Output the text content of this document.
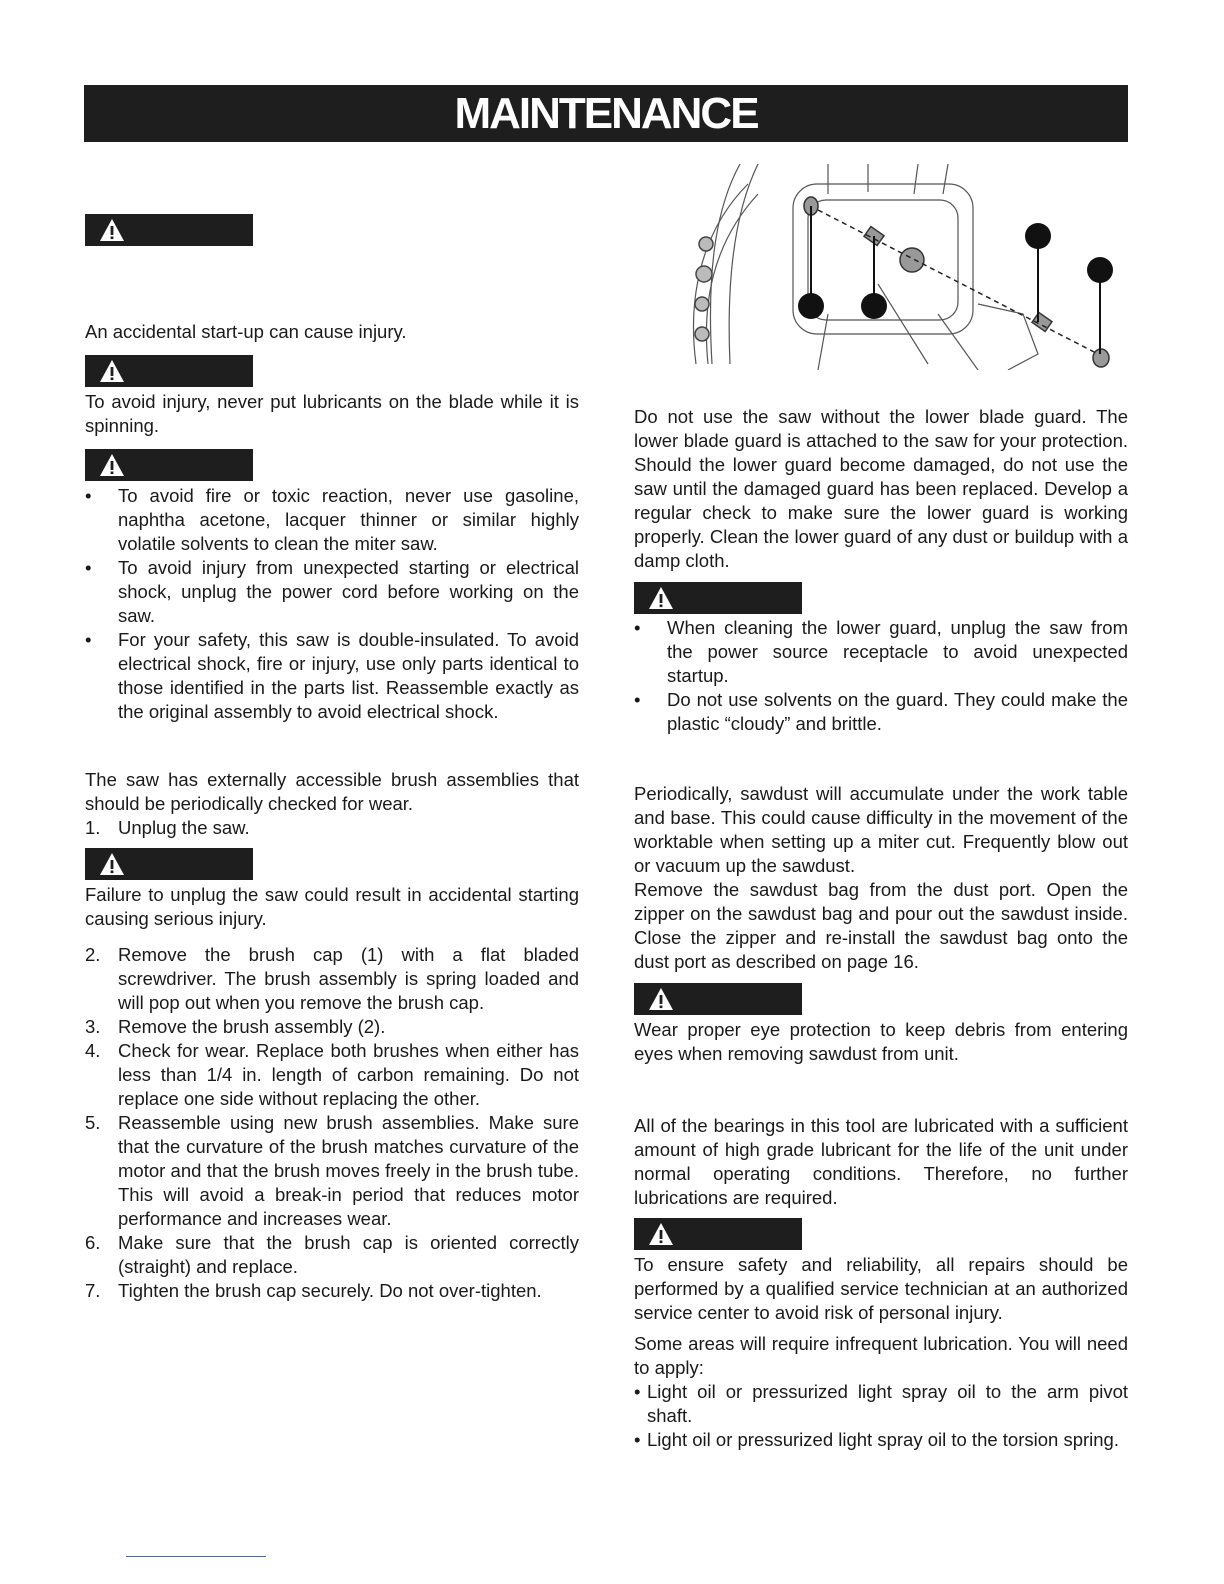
MAINTENANCE
An accidental start-up can cause injury.
To avoid injury, never put lubricants on the blade while it is spinning.
• To avoid fire or toxic reaction, never use gasoline, naphtha acetone, lacquer thinner or similar highly volatile solvents to clean the miter saw.
• To avoid injury from unexpected starting or electrical shock, unplug the power cord before working on the saw.
• For your safety, this saw is double-insulated. To avoid electrical shock, fire or injury, use only parts identical to those identified in the parts list. Reassemble exactly as the original assembly to avoid electrical shock.
The saw has externally accessible brush assemblies that should be periodically checked for wear.
1. Unplug the saw.
Failure to unplug the saw could result in accidental starting causing serious injury.
2. Remove the brush cap (1) with a flat bladed screwdriver. The brush assembly is spring loaded and will pop out when you remove the brush cap.
3. Remove the brush assembly (2).
4. Check for wear. Replace both brushes when either has less than 1/4 in. length of carbon remaining. Do not replace one side without replacing the other.
5. Reassemble using new brush assemblies. Make sure that the curvature of the brush matches curvature of the motor and that the brush moves freely in the brush tube. This will avoid a break-in period that reduces motor performance and increases wear.
6. Make sure that the brush cap is oriented correctly (straight) and replace.
7. Tighten the brush cap securely. Do not over-tighten.
Do not use the saw without the lower blade guard. The lower blade guard is attached to the saw for your protection. Should the lower guard become damaged, do not use the saw until the damaged guard has been replaced. Develop a regular check to make sure the lower guard is working properly. Clean the lower guard of any dust or buildup with a damp cloth.
• When cleaning the lower guard, unplug the saw from the power source receptacle to avoid unexpected startup.
• Do not use solvents on the guard. They could make the plastic “cloudy” and brittle.
Periodically, sawdust will accumulate under the work table and base. This could cause difficulty in the movement of the worktable when setting up a miter cut. Frequently blow out or vacuum up the sawdust.
Remove the sawdust bag from the dust port. Open the zipper on the sawdust bag and pour out the sawdust inside. Close the zipper and re-install the sawdust bag onto the dust port as described on page 16.
Wear proper eye protection to keep debris from entering eyes when removing sawdust from unit.
All of the bearings in this tool are lubricated with a sufficient amount of high grade lubricant for the life of the unit under normal operating conditions. Therefore, no further lubrications are required.
To ensure safety and reliability, all repairs should be performed by a qualified service technician at an authorized service center to avoid risk of personal injury.
Some areas will require infrequent lubrication. You will need to apply:
• Light oil or pressurized light spray oil to the arm pivot shaft.
• Light oil or pressurized light spray oil to the torsion spring.
